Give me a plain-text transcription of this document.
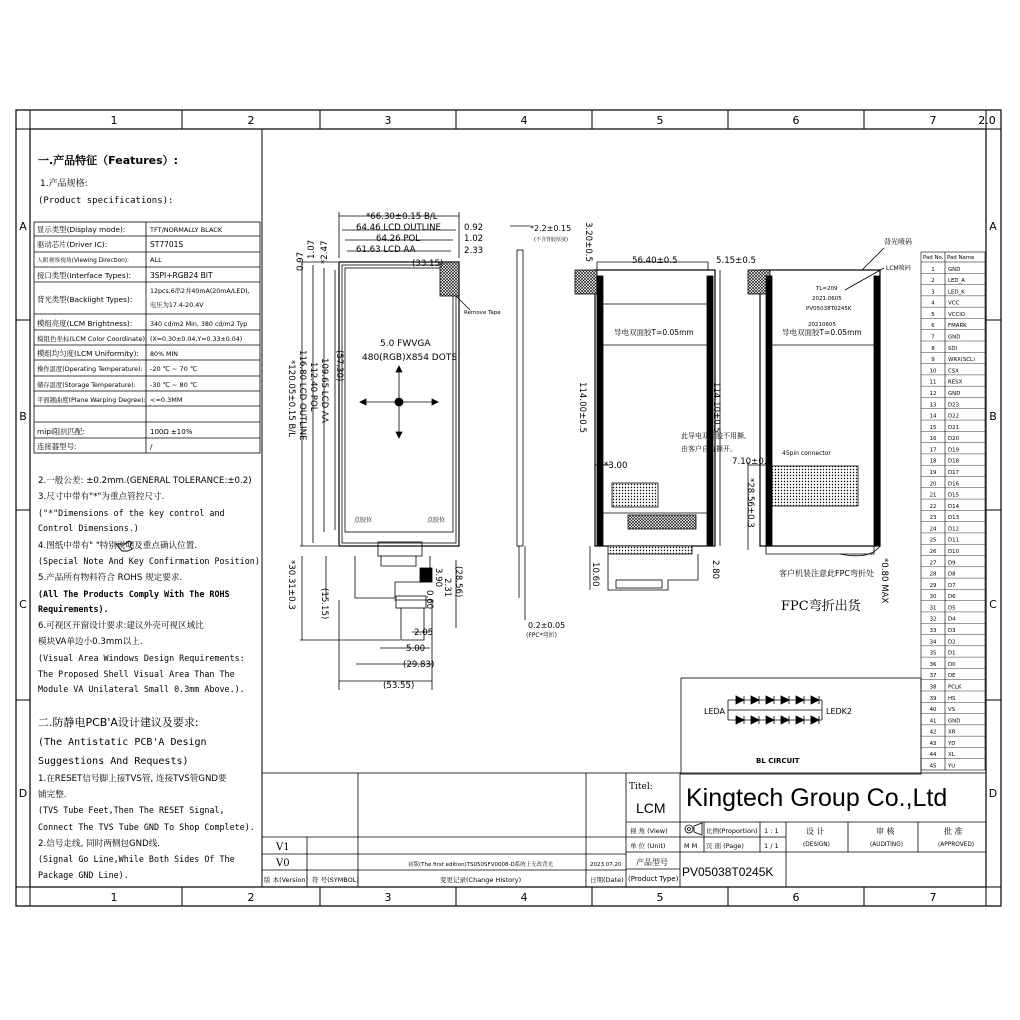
1	2	3	4	5	6	7	2.0
1	2	3	4	5	6	7
A
B
C
D
A
B
C
D
一.产品特征（Features）:
1.产品规格:
(Product specifications):
显示类型(Display mode):	TFT/NORMALLY BLACK
驱动芯片(Driver IC):	ST7701S
人眼观察视角(Viewing Direction):	ALL
接口类型(Interface Types):	3SPI+RGB24 BIT
背光类型(Backlight Types):
12pcs,6串2并40mA(20mA/LED),
电压为17.4-20.4V
模组亮度(LCM Brightness):	340 cd/m2 Min, 380 cd/m2 Typ
模组色坐标(LCM Color Coordinate): (X=0.30±0.04,Y=0.33±0.04)
模组均匀度(LCM Uniformity): 80% MIN
操作温度(Operating Temperature): -20 ℃ ~ 70 ℃
储存温度(Storage Temperature): -30 ℃ ~ 80 ℃
平面翘曲度(Plane Warping Degree): <=0.3MM
mipi阻抗匹配:	100Ω ±10%
连接器型号:	/
2.一般公差: ±0.2mm.(GENERAL TOLERANCE:±0.2)
3.尺寸中带有"*"为重点管控尺寸.
("*"Dimensions of the key control and
Control Dimensions.)
4.图纸中带有" "特别说明及重点确认位置.
(Special Note And Key Confirmation Position)
5.产品所有物料符合 ROHS 规定要求.
(All The Products Comply With The ROHS
Requirements).
6.可视区开窗设计要求:建议外壳可视区域比
模块VA单边小0.3mm以上.
(Visual Area Windows Design Requirements:
The Proposed Shell Visual Area Than The
Module VA Unilateral Small 0.3mm Above.).
二.防静电PCB'A设计建议及要求:
(The Antistatic PCB'A Design
Suggestions And Requests)
1.在RESET信号脚上接TVS管, 连接TVS管GND要
铺完整.
(TVS Tube Feet,Then The RESET Signal,
Connect The TVS Tube GND To Shop Complete).
2.信号走线, 同时两侧包GND线.
(Signal Go Line,While Both Sides Of The
Package GND Line).
*66.30±0.15 B/L
64.46 LCD OUTLINE
64.26 POL
61.63 LCD AA
(33.15)
0.92
1.02
2.33
0.97
1.07 *2.47
(57.30)
109.65 LCD AA
112.40 POL
116.80 LCD OUTLINE
*120.05±0.15 B/L
*30.31±0.3	(15.15)
5.0 FWVGA
480(RGB)X854 DOTS
Remove Tape
点胶位	点胶位
(28.56)
2.31
3.90
0.60
2.05
5.00
(29.83)
(53.55)
*2.2±0.15
(不含背胶厚度)
0.2±0.05
(FPC*弯折)
3.20±0.5	56.40±0.5	5.15±0.5
114.00±0.5
*3.00
10.60	2.80
导电双面胶T=0.05mm
背光喷码
LCM喷码
TL=209
2021.0605
PV05038T0245K
20210605
导电双面胶T=0.05mm
45pin connector
此导电双面胶不用撕,
由客户自行撕开。
客户机装注意此FPC弯折处
FPC弯折出货
114.10±0.5
7.10±0.5
*28.56±0.3
*0.80 MAX
LEDA	LEDK2
BL CIRCUIT
Pad No. Pad Name
1 GND
2 LED_A
3 LED_K
4 VCC
5 VCCIO
6 FMARK
7 GND
8 SDI
9 WRX(SCL)
10 CSX
11 RESX
12 GND
13 D23
14 D22
15 D21
16 D20
17 D19
18 D18
19 D17
20 D16
21 D15
22 D14
23 D13
24 D12
25 D11
26 D10
27 D9
28 D8
29 D7
30 D6
31 D5
32 D4
33 D3
34 D2
35 D1
36 D0
37 DE
38 PCLK
39 HS
40 VS
41 GND
42 XR
43 YD
44 XL
45 YU
Titel:
LCM Kingtech Group Co.,Ltd
视 角 (View)	比例(Proportion) 1 : 1
单 位 (Unit)	M M 页 面 (Page)	1 / 1
设 计
(DESIGN)
审 核
(AUDITING)
批 准
(APPROVED)
产品型号
(Product Type) PV05038T0245K
V1
V0	初版(The first edition)TS050SFV0008-D系统上无改背光	2023.07.20
版 本(Version) 符 号(SYMBOL)	变更记录(Change History)	日期(Date)
